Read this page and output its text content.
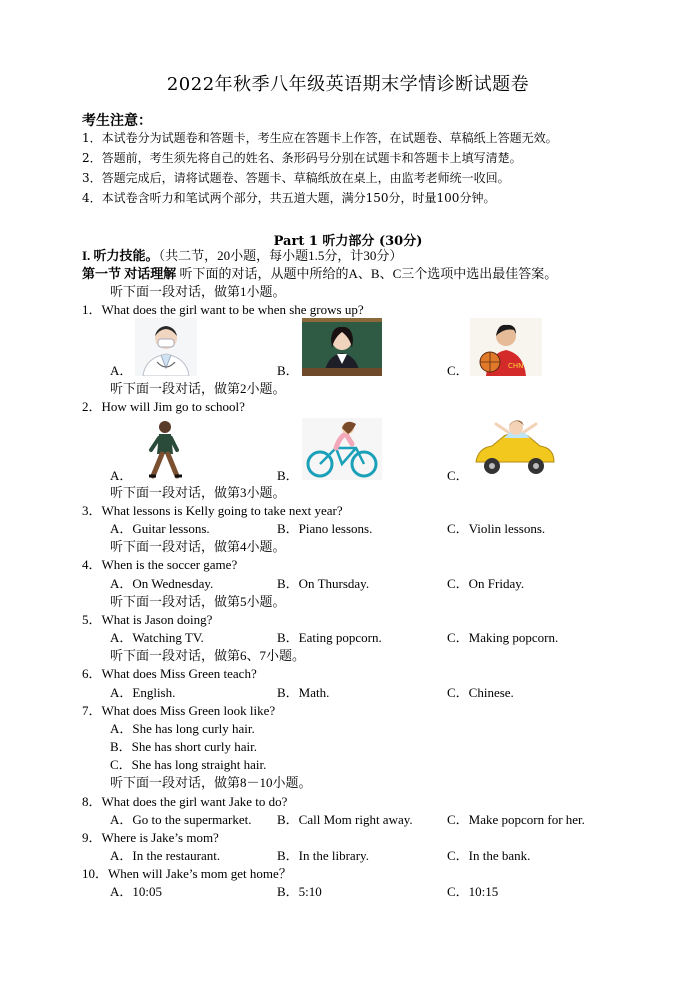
2022年秋季八年级英语期末学情诊断试题卷
考生注意：
1．本试卷分为试题卷和答题卡，考生应在答题卡上作答，在试题卷、草稿纸上答题无效。
2．答题前，考生须先将自己的姓名、条形码号分别在试题卡和答题卡上填写清楚。
3．答题完成后，请将试题卷、答题卡、草稿纸放在桌上，由监考老师统一收回。
4．本试卷含听力和笔试两个部分，共五道大题，满分150分，时量100分钟。
Part 1 听力部分 (30分)
I. 听力技能。（共二节，20小题，每小题1.5分，计30分）
第一节 对话理解 听下面的对话，从题中所给的A、B、C三个选项中选出最佳答案。
听下面一段对话，做第1小题。
1．What does the girl want to be when she grows up?
A．	B．	C．	CHN
听下面一段对话，做第2小题。
2．How will Jim go to school?
A．	B．	C．
听下面一段对话，做第3小题。
3．What lessons is Kelly going to take next year?
A．Guitar lessons.	B．Piano lessons.	C．Violin lessons.
听下面一段对话，做第4小题。
4．When is the soccer game?
A．On Wednesday.	B．On Thursday.	C．On Friday.
听下面一段对话，做第5小题。
5．What is Jason doing?
A．Watching TV.	B．Eating popcorn.	C．Making popcorn.
听下面一段对话，做第6、7小题。
6．What does Miss Green teach?
A．English.	B．Math.	C．Chinese.
7．What does Miss Green look like?
A．She has long curly hair.
B．She has short curly hair.
C．She has long straight hair.
听下面一段对话，做第8－10小题。
8．What does the girl want Jake to do?
A．Go to the supermarket. B．Call Mom right away.	C．Make popcorn for her.
9．Where is Jake’s mom?
A．In the restaurant.	B．In the library.	C．In the bank.
10．When will Jake’s mom get home？
A．10:05	B．5:10	C．10:15
